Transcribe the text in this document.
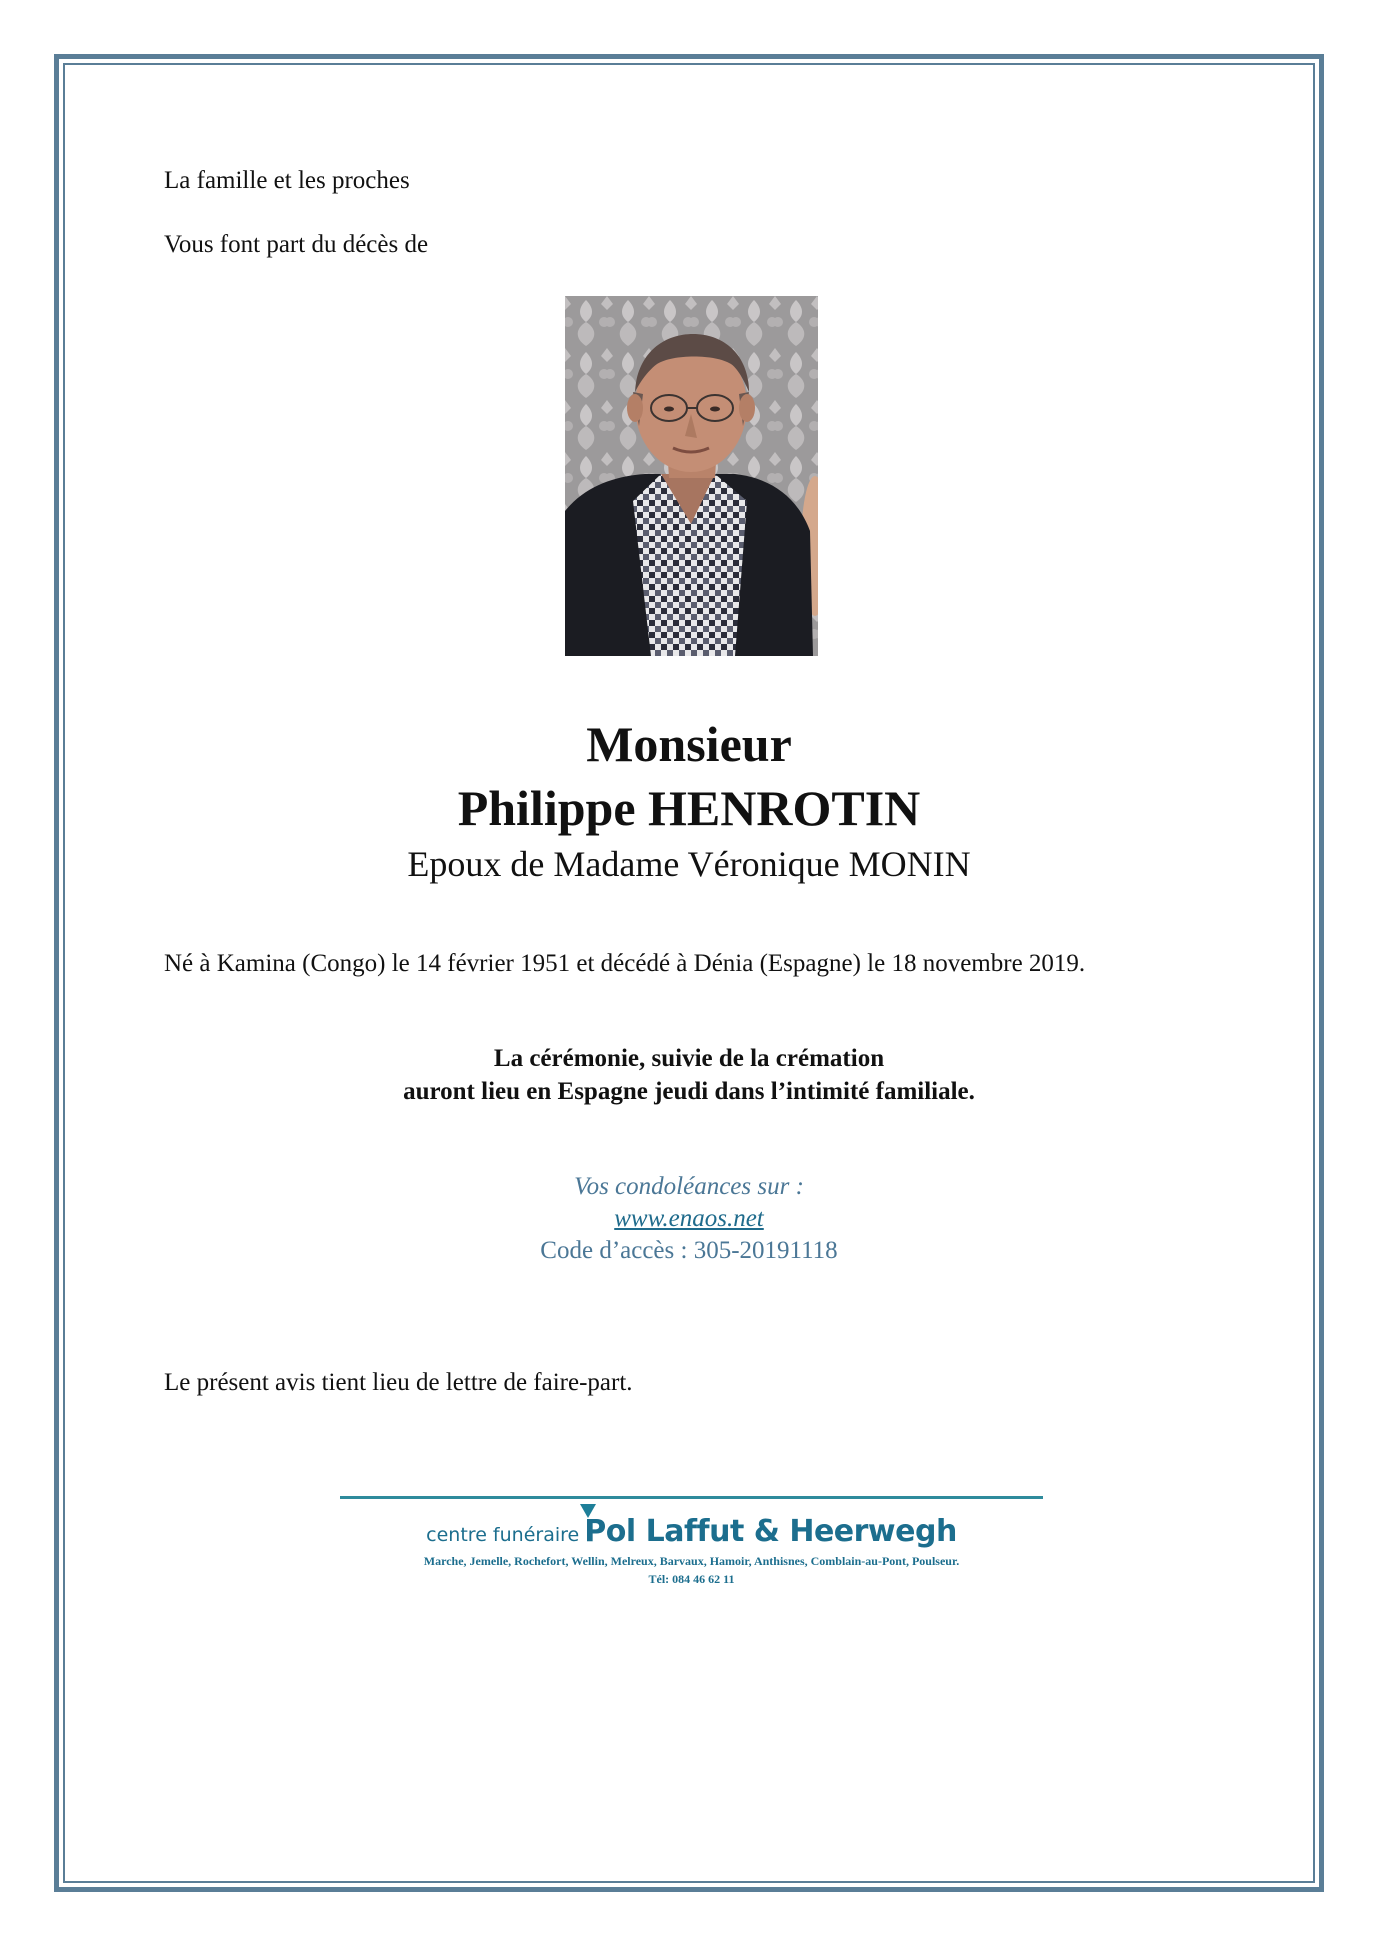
La famille et les proches
Vous font part du décès de
Monsieur
Philippe HENROTIN
Epoux de Madame Véronique MONIN
Né à Kamina (Congo) le 14 février 1951 et décédé à Dénia (Espagne) le 18 novembre 2019.
La cérémonie, suivie de la crémation
auront lieu en Espagne jeudi dans l’intimité familiale.
Vos condoléances sur :
www.enaos.net
Code d’accès : 305-20191118
Le présent avis tient lieu de lettre de faire-part.
centre funéraire Pol Laffut & Heerwegh
Marche, Jemelle, Rochefort, Wellin, Melreux, Barvaux, Hamoir, Anthisnes, Comblain-au-Pont, Poulseur.
Tél: 084 46 62 11
